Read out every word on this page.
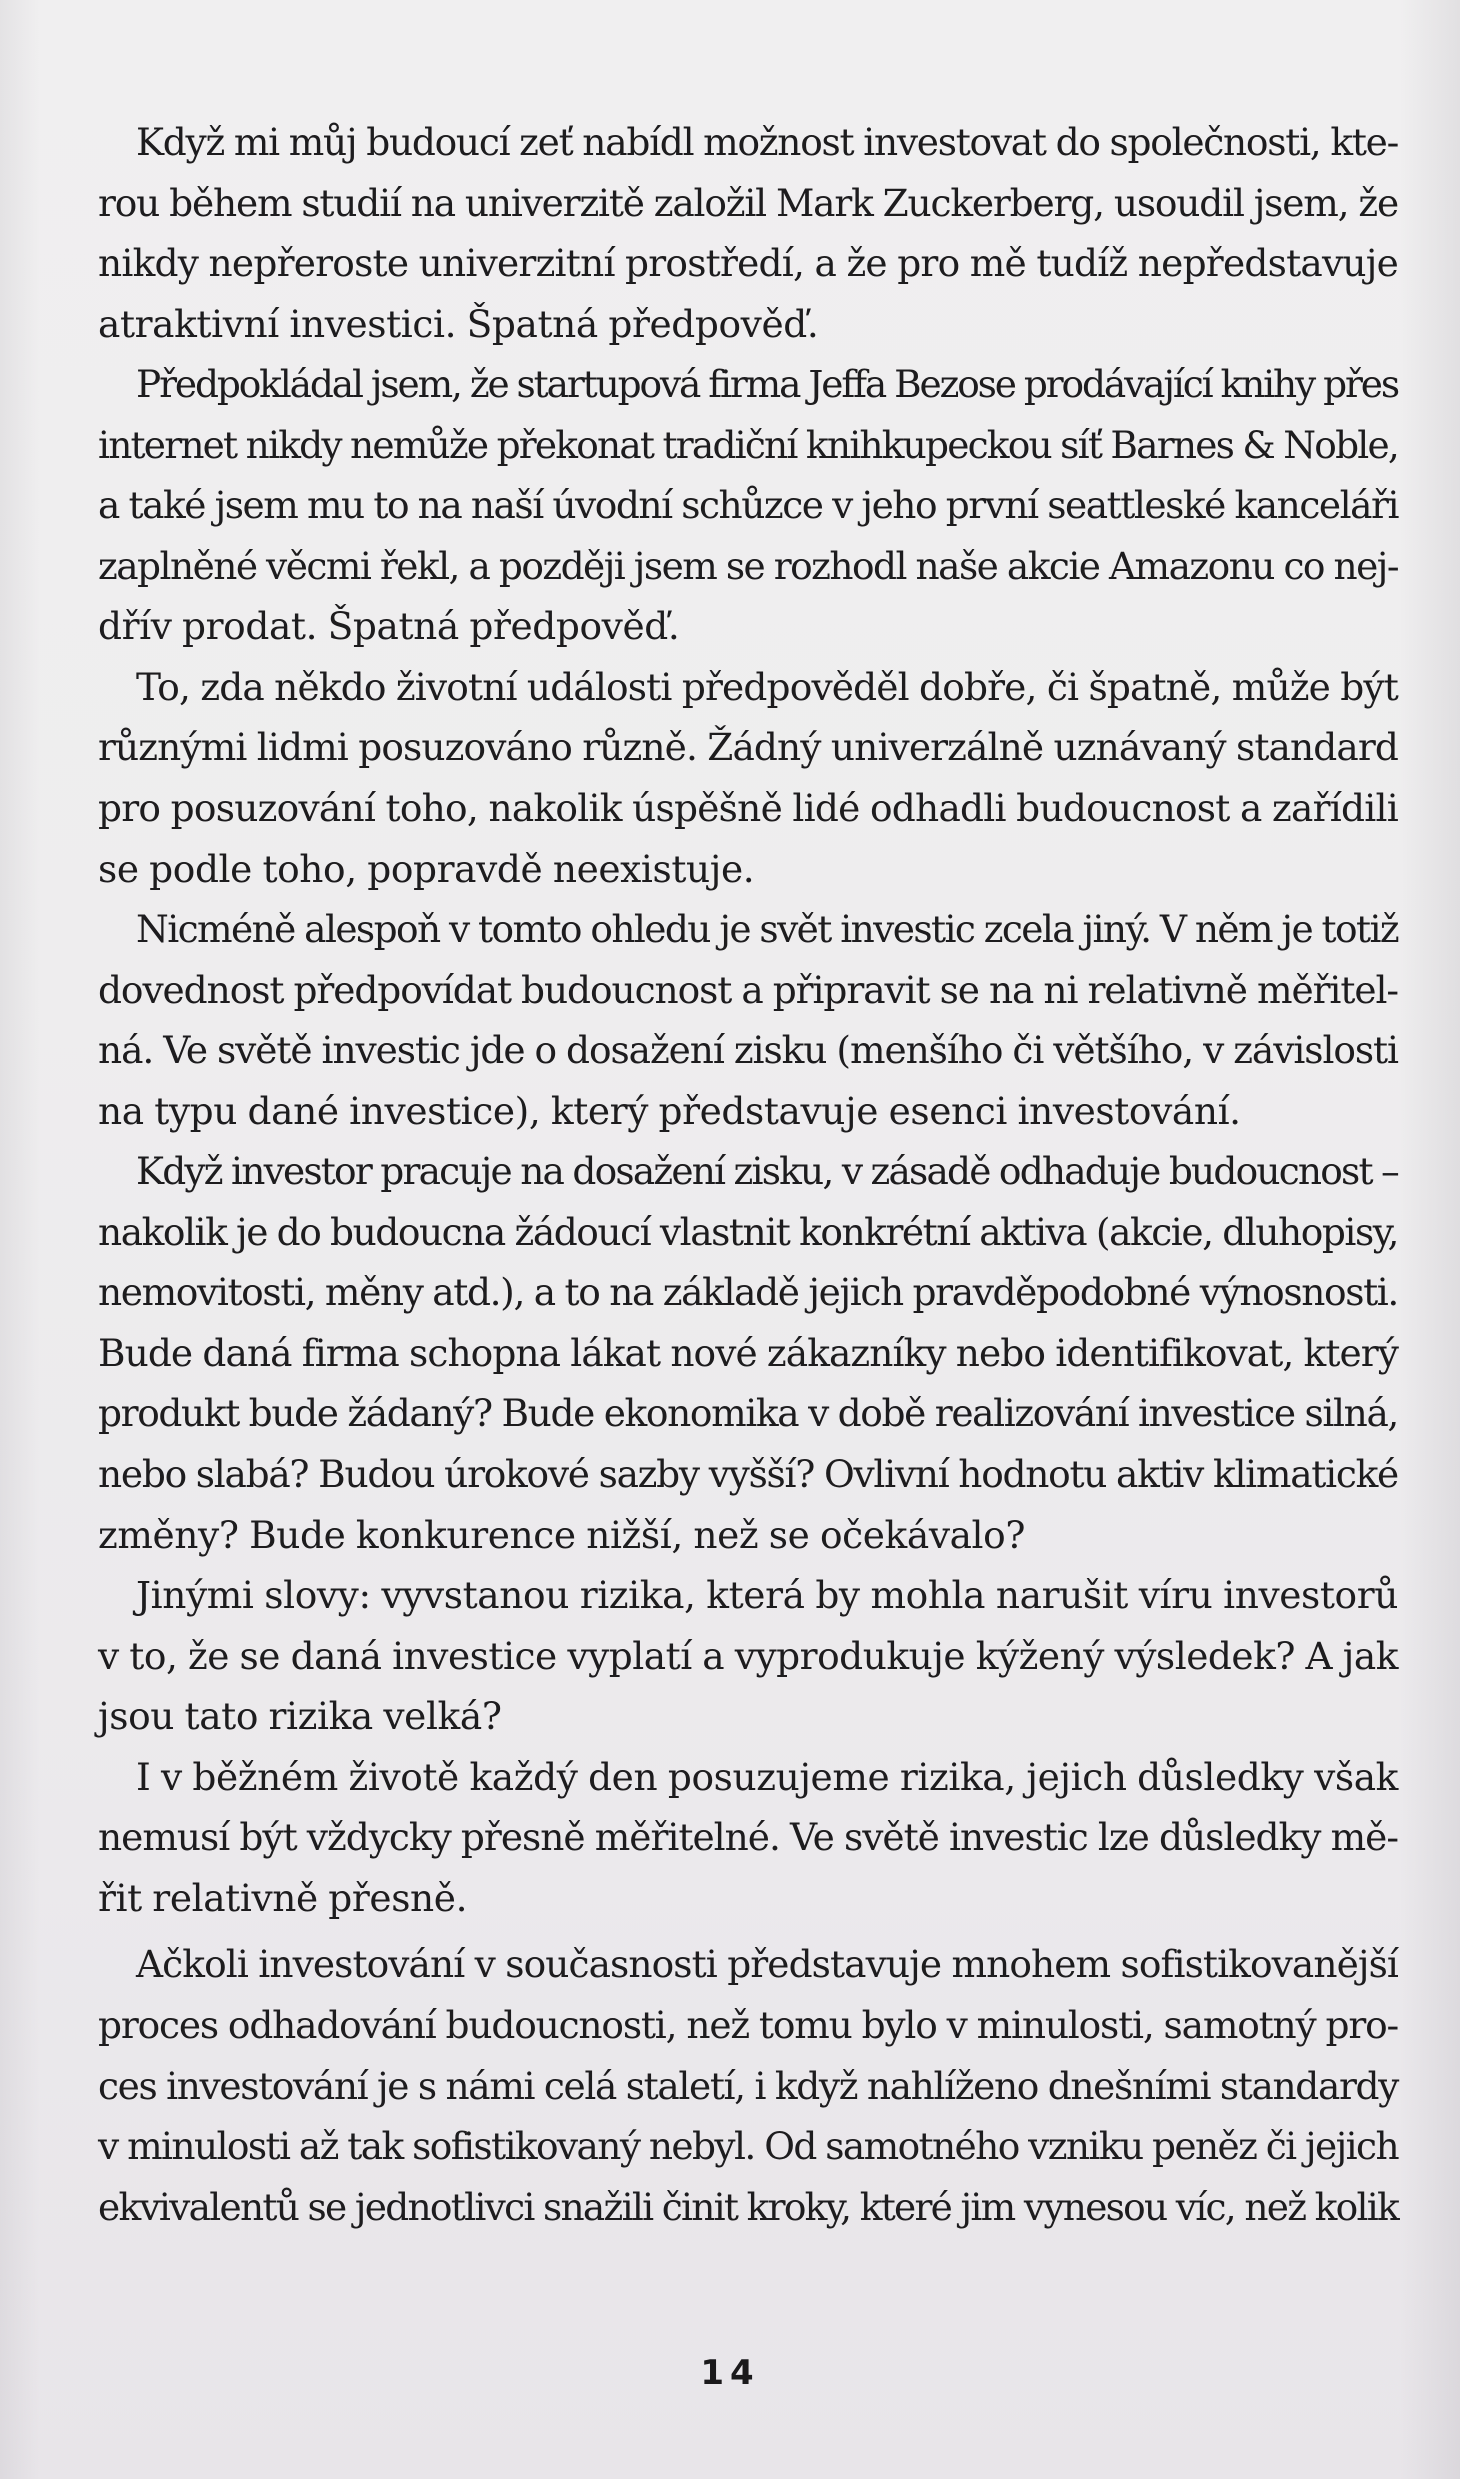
Když mi můj budoucí zeť nabídl možnost investovat do společnosti, kte-
rou během studií na univerzitě založil Mark Zuckerberg, usoudil jsem, že
nikdy nepřeroste univerzitní prostředí, a že pro mě tudíž nepředstavuje
atraktivní investici. Špatná předpověď.

Předpokládal jsem, že startupová firma Jeffa Bezose prodávající knihy přes
internet nikdy nemůže překonat tradiční knihkupeckou síť Barnes & Noble,
a také jsem mu to na naší úvodní schůzce v jeho první seattleské kanceláři
zaplněné věcmi řekl, a později jsem se rozhodl naše akcie Amazonu co nej-
dřív prodat. Špatná předpověď.

To, zda někdo životní události předpověděl dobře, či špatně, může být
různými lidmi posuzováno různě. Žádný univerzálně uznávaný standard
pro posuzování toho, nakolik úspěšně lidé odhadli budoucnost a zařídili
se podle toho, popravdě neexistuje.

Nicméně alespoň v tomto ohledu je svět investic zcela jiný. V něm je totiž
dovednost předpovídat budoucnost a připravit se na ni relativně měřitel-
ná. Ve světě investic jde o dosažení zisku (menšího či většího, v závislosti
na typu dané investice), který představuje esenci investování.

Když investor pracuje na dosažení zisku, v zásadě odhaduje budoucnost –
nakolik je do budoucna žádoucí vlastnit konkrétní aktiva (akcie, dluhopisy,
nemovitosti, měny atd.), a to na základě jejich pravděpodobné výnosnosti.
Bude daná firma schopna lákat nové zákazníky nebo identifikovat, který
produkt bude žádaný? Bude ekonomika v době realizování investice silná,
nebo slabá? Budou úrokové sazby vyšší? Ovlivní hodnotu aktiv klimatické
změny? Bude konkurence nižší, než se očekávalo?

Jinými slovy: vyvstanou rizika, která by mohla narušit víru investorů
v to, že se daná investice vyplatí a vyprodukuje kýžený výsledek? A jak
jsou tato rizika velká?

I v běžném životě každý den posuzujeme rizika, jejich důsledky však
nemusí být vždycky přesně měřitelné. Ve světě investic lze důsledky mě-
řit relativně přesně.

Ačkoli investování v současnosti představuje mnohem sofistikovanější
proces odhadování budoucnosti, než tomu bylo v minulosti, samotný pro-
ces investování je s námi celá staletí, i když nahlíženo dnešními standardy
v minulosti až tak sofistikovaný nebyl. Od samotného vzniku peněz či jejich
ekvivalentů se jednotlivci snažili činit kroky, které jim vynesou víc, než kolik

14
